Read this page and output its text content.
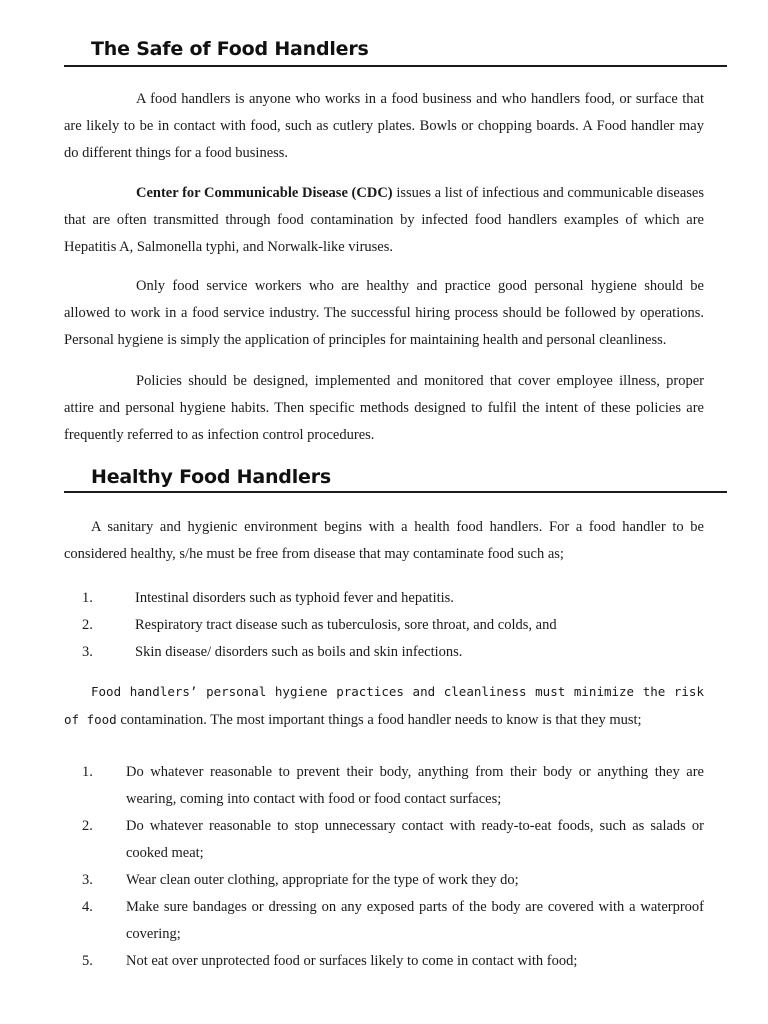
The Safe of Food Handlers

A food handlers is anyone who works in a food business and who handlers food, or surface that are likely to be in contact with food, such as cutlery plates. Bowls or chopping boards. A Food handler may do different things for a food business.

Center for Communicable Disease (CDC) issues a list of infectious and communicable diseases that are often transmitted through food contamination by infected food handlers examples of which are Hepatitis A, Salmonella typhi, and Norwalk-like viruses.

Only food service workers who are healthy and practice good personal hygiene should be allowed to work in a food service industry. The successful hiring process should be followed by operations. Personal hygiene is simply the application of principles for maintaining health and personal cleanliness.

Policies should be designed, implemented and monitored that cover employee illness, proper attire and personal hygiene habits. Then specific methods designed to fulfil the intent of these policies are frequently referred to as infection control procedures.

Healthy Food Handlers

A sanitary and hygienic environment begins with a health food handlers. For a food handler to be considered healthy, s/he must be free from disease that may contaminate food such as;

1.	Intestinal disorders such as typhoid fever and hepatitis.
2.	Respiratory tract disease such as tuberculosis, sore throat, and colds, and
3.	Skin disease/ disorders such as boils and skin infections.

Food handlers’ personal hygiene practices and cleanliness must minimize the risk of food contamination. The most important things a food handler needs to know is that they must;

1.	Do whatever reasonable to prevent their body, anything from their body or anything they are wearing, coming into contact with food or food contact surfaces;
2.	Do whatever reasonable to stop unnecessary contact with ready-to-eat foods, such as salads or cooked meat;
3.	Wear clean outer clothing, appropriate for the type of work they do;
4.	Make sure bandages or dressing on any exposed parts of the body are covered with a waterproof covering;
5.	Not eat over unprotected food or surfaces likely to come in contact with food;
